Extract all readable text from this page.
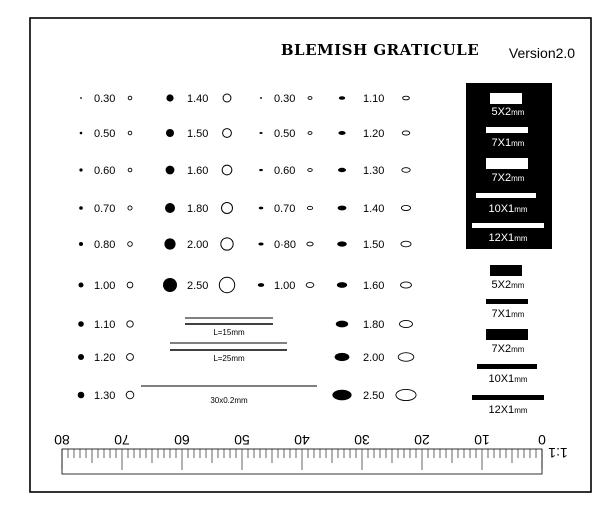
BLEMISH GRATICULE Version2.0
0.30
0.50
0.60
0.70
0.80
1.00
1.10
1.20
1.30
1.40
1.50
1.60
1.80
2.00
2.50
0.30
0.50
0.60
0.70
0·80
1.00
1.10
1.20
1.30
1.40
1.50
1.60
1.80
2.00
2.50
L=15mm
L=25mm
30x0.2mm
5X2mm
7X1mm
7X2mm
10X1mm
12X1mm
5X2mm
7X1mm
7X2mm
10X1mm
12X1mm
0
10
20
30
40
50
60
70
80
1:1
